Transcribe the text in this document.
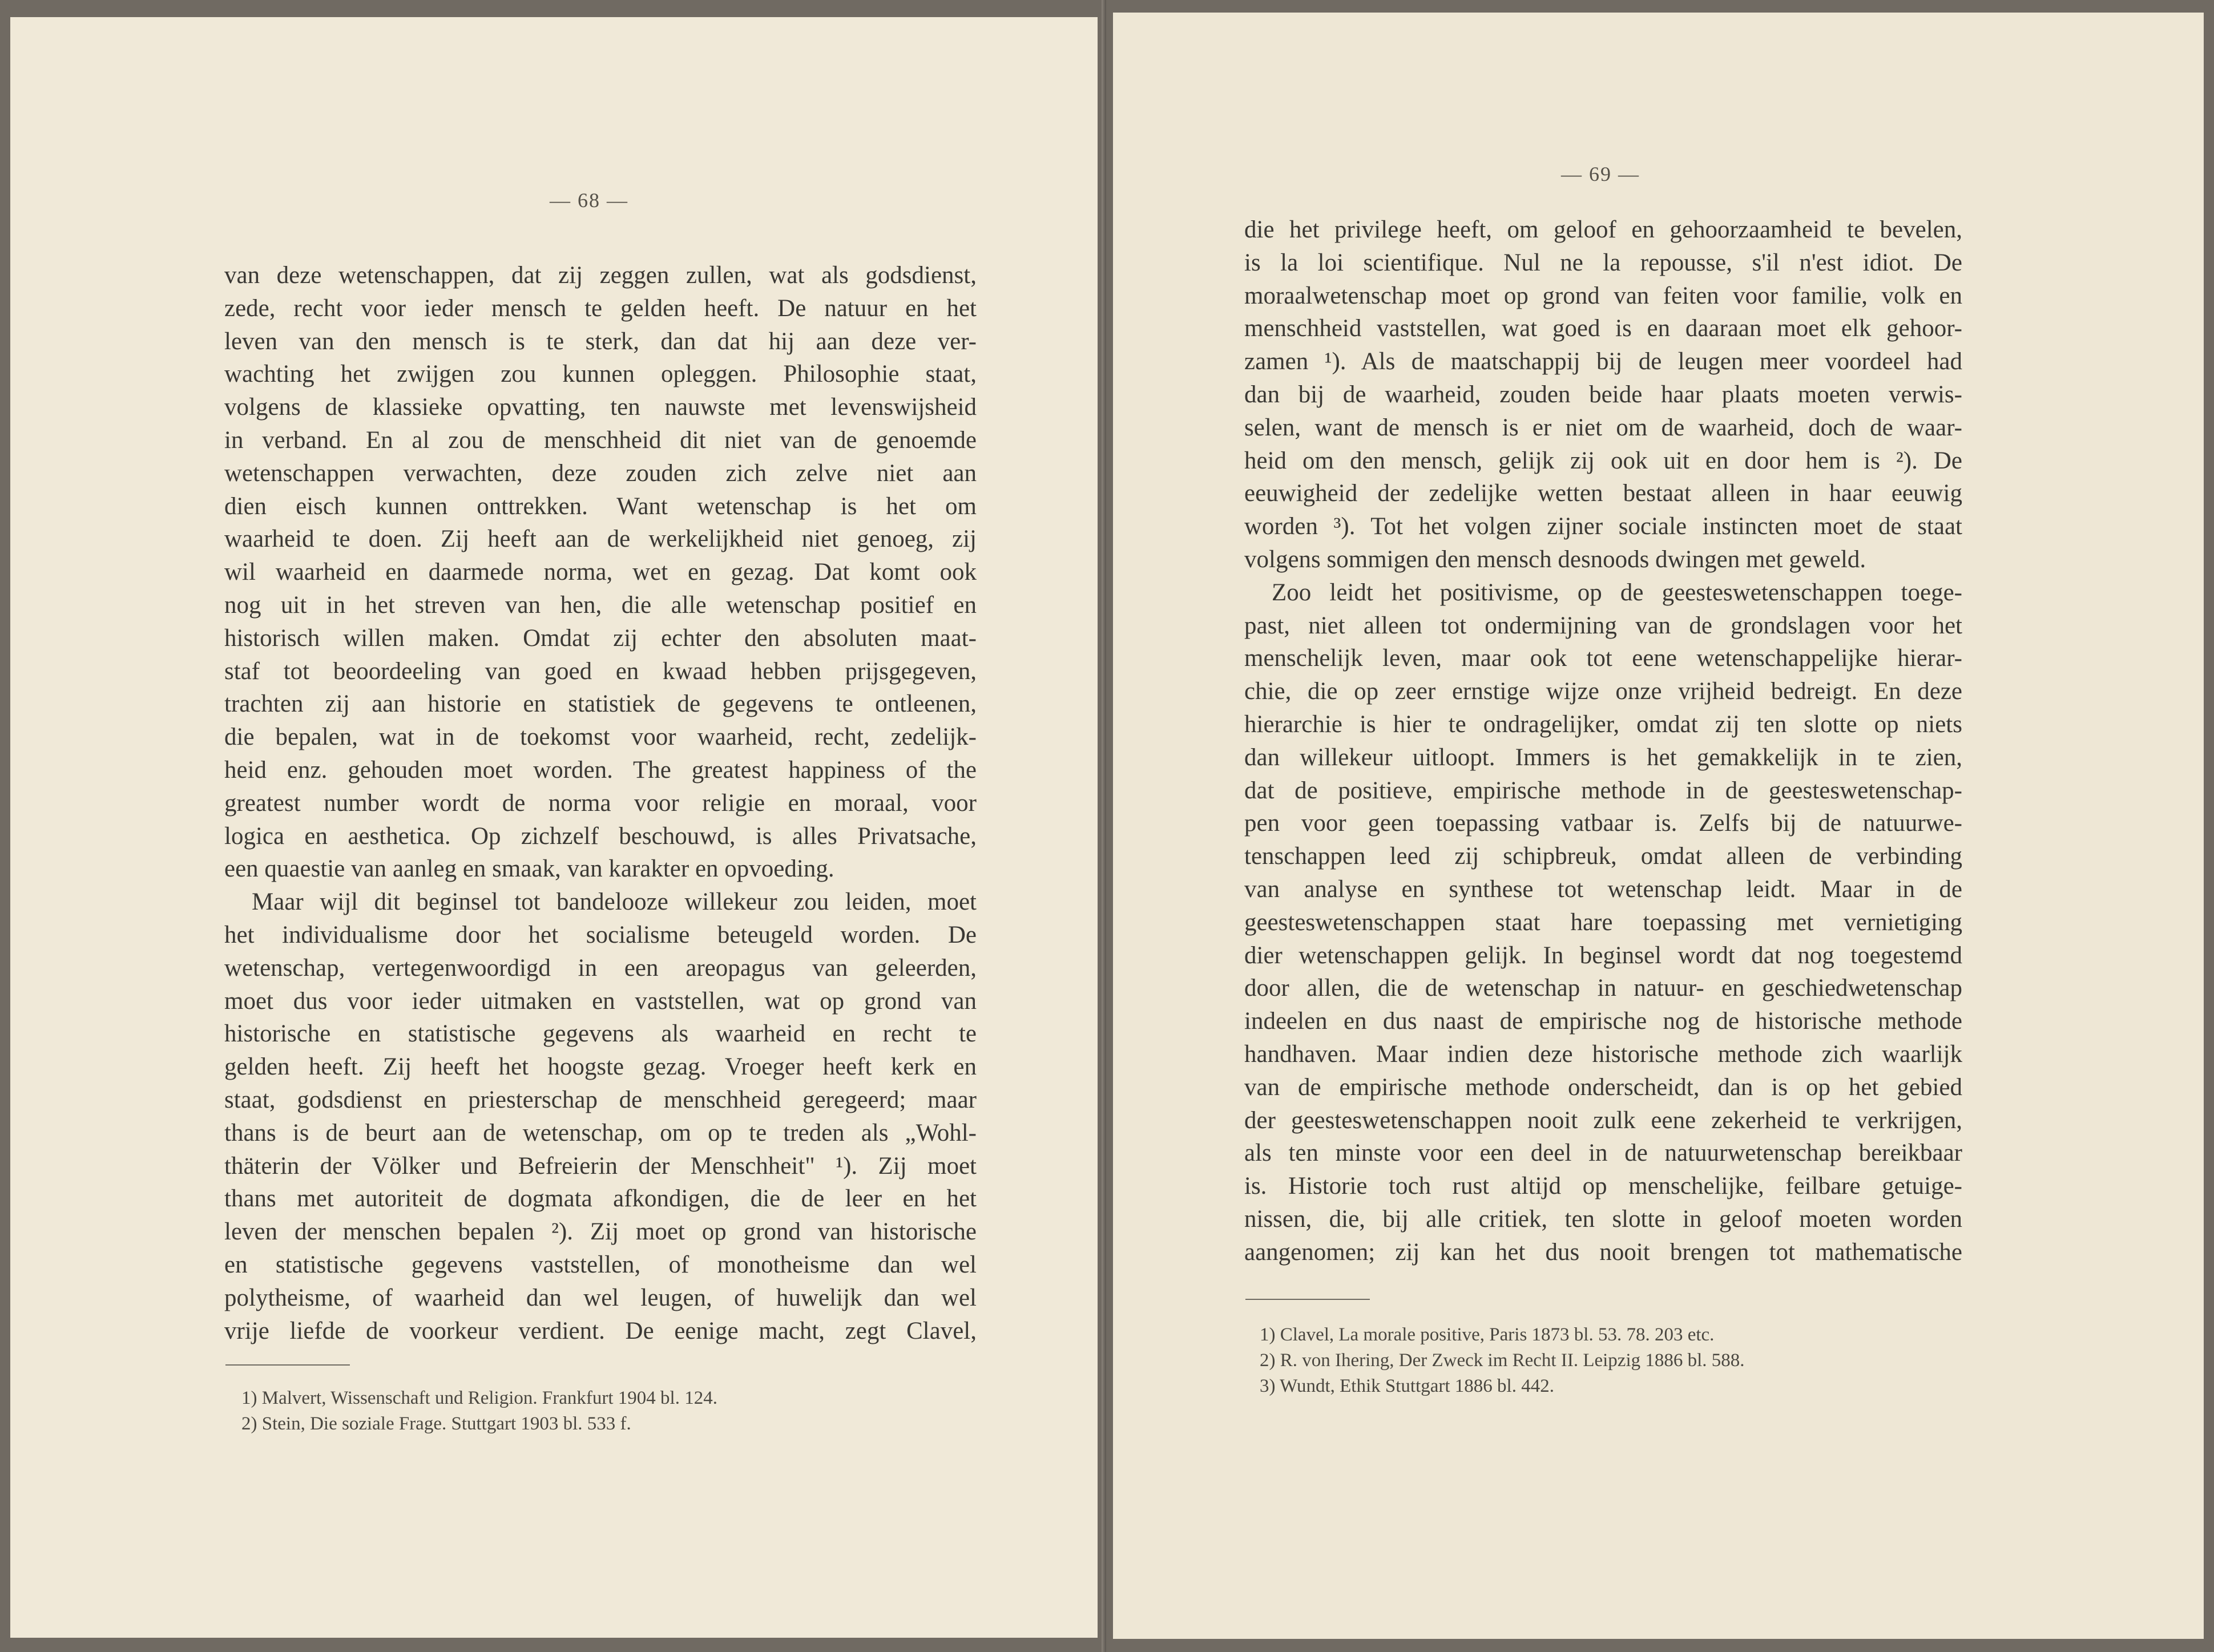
— 68 —
van deze wetenschappen, dat zij zeggen zullen, wat als godsdienst,
zede, recht voor ieder mensch te gelden heeft. De natuur en het
leven van den mensch is te sterk, dan dat hij aan deze ver-
wachting het zwijgen zou kunnen opleggen. Philosophie staat,
volgens de klassieke opvatting, ten nauwste met levenswijsheid
in verband. En al zou de menschheid dit niet van de genoemde
wetenschappen verwachten, deze zouden zich zelve niet aan
dien eisch kunnen onttrekken. Want wetenschap is het om
waarheid te doen. Zij heeft aan de werkelijkheid niet genoeg, zij
wil waarheid en daarmede norma, wet en gezag. Dat komt ook
nog uit in het streven van hen, die alle wetenschap positief en
historisch willen maken. Omdat zij echter den absoluten maat-
staf tot beoordeeling van goed en kwaad hebben prijsgegeven,
trachten zij aan historie en statistiek de gegevens te ontleenen,
die bepalen, wat in de toekomst voor waarheid, recht, zedelijk-
heid enz. gehouden moet worden. The greatest happiness of the
greatest number wordt de norma voor religie en moraal, voor
logica en aesthetica. Op zichzelf beschouwd, is alles Privatsache,
een quaestie van aanleg en smaak, van karakter en opvoeding.
Maar wijl dit beginsel tot bandelooze willekeur zou leiden, moet
het individualisme door het socialisme beteugeld worden. De
wetenschap, vertegenwoordigd in een areopagus van geleerden,
moet dus voor ieder uitmaken en vaststellen, wat op grond van
historische en statistische gegevens als waarheid en recht te
gelden heeft. Zij heeft het hoogste gezag. Vroeger heeft kerk en
staat, godsdienst en priesterschap de menschheid geregeerd; maar
thans is de beurt aan de wetenschap, om op te treden als „Wohl-
thäterin der Völker und Befreierin der Menschheit" ¹). Zij moet
thans met autoriteit de dogmata afkondigen, die de leer en het
leven der menschen bepalen ²). Zij moet op grond van historische
en statistische gegevens vaststellen, of monotheisme dan wel
polytheisme, of waarheid dan wel leugen, of huwelijk dan wel
vrije liefde de voorkeur verdient. De eenige macht, zegt Clavel,
1) Malvert, Wissenschaft und Religion. Frankfurt 1904 bl. 124.
2) Stein, Die soziale Frage. Stuttgart 1903 bl. 533 f.
— 69 —
die het privilege heeft, om geloof en gehoorzaamheid te bevelen,
is la loi scientifique. Nul ne la repousse, s'il n'est idiot. De
moraalwetenschap moet op grond van feiten voor familie, volk en
menschheid vaststellen, wat goed is en daaraan moet elk gehoor-
zamen ¹). Als de maatschappij bij de leugen meer voordeel had
dan bij de waarheid, zouden beide haar plaats moeten verwis-
selen, want de mensch is er niet om de waarheid, doch de waar-
heid om den mensch, gelijk zij ook uit en door hem is ²). De
eeuwigheid der zedelijke wetten bestaat alleen in haar eeuwig
worden ³). Tot het volgen zijner sociale instincten moet de staat
volgens sommigen den mensch desnoods dwingen met geweld.
Zoo leidt het positivisme, op de geesteswetenschappen toege-
past, niet alleen tot ondermijning van de grondslagen voor het
menschelijk leven, maar ook tot eene wetenschappelijke hierar-
chie, die op zeer ernstige wijze onze vrijheid bedreigt. En deze
hierarchie is hier te ondragelijker, omdat zij ten slotte op niets
dan willekeur uitloopt. Immers is het gemakkelijk in te zien,
dat de positieve, empirische methode in de geesteswetenschap-
pen voor geen toepassing vatbaar is. Zelfs bij de natuurwe-
tenschappen leed zij schipbreuk, omdat alleen de verbinding
van analyse en synthese tot wetenschap leidt. Maar in de
geesteswetenschappen staat hare toepassing met vernietiging
dier wetenschappen gelijk. In beginsel wordt dat nog toegestemd
door allen, die de wetenschap in natuur- en geschiedwetenschap
indeelen en dus naast de empirische nog de historische methode
handhaven. Maar indien deze historische methode zich waarlijk
van de empirische methode onderscheidt, dan is op het gebied
der geesteswetenschappen nooit zulk eene zekerheid te verkrijgen,
als ten minste voor een deel in de natuurwetenschap bereikbaar
is. Historie toch rust altijd op menschelijke, feilbare getuige-
nissen, die, bij alle critiek, ten slotte in geloof moeten worden
aangenomen; zij kan het dus nooit brengen tot mathematische
1) Clavel, La morale positive, Paris 1873 bl. 53. 78. 203 etc.
2) R. von Ihering, Der Zweck im Recht II. Leipzig 1886 bl. 588.
3) Wundt, Ethik Stuttgart 1886 bl. 442.
